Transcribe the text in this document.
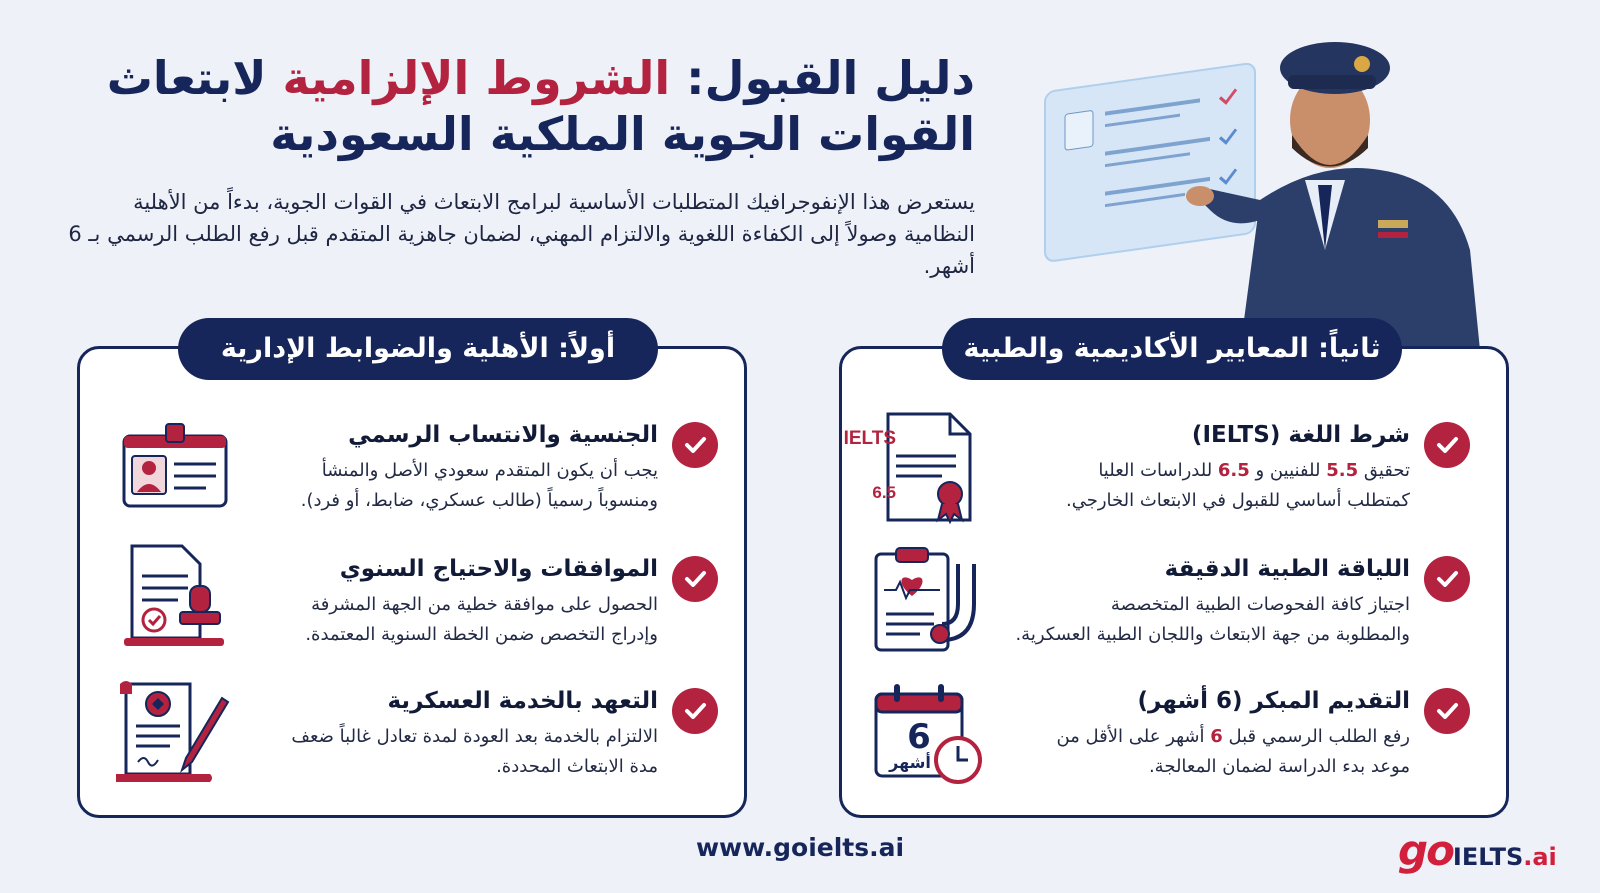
دليل القبول: الشروط الإلزامية لابتعاث
القوات الجوية الملكية السعودية
يستعرض هذا الإنفوجرافيك المتطلبات الأساسية لبرامج الابتعاث في القوات الجوية، بدءاً من الأهلية النظامية وصولاً إلى الكفاءة اللغوية والالتزام المهني، لضمان جاهزية المتقدم قبل رفع الطلب الرسمي بـ 6 أشهر.
ثانياً: المعايير الأكاديمية والطبية
شرط اللغة (IELTS)
تحقيق 5.5 للفنيين و 6.5 للدراسات العليا
كمتطلب أساسي للقبول في الابتعاث الخارجي.
IELTS
6.5
اللياقة الطبية الدقيقة
اجتياز كافة الفحوصات الطبية المتخصصة
والمطلوبة من جهة الابتعاث واللجان الطبية العسكرية.
التقديم المبكر (6 أشهر)
رفع الطلب الرسمي قبل 6 أشهر على الأقل من
موعد بدء الدراسة لضمان المعالجة.
6
أشهر
أولاً: الأهلية والضوابط الإدارية
الجنسية والانتساب الرسمي
يجب أن يكون المتقدم سعودي الأصل والمنشأ
ومنسوباً رسمياً (طالب عسكري، ضابط، أو فرد).
الموافقات والاحتياج السنوي
الحصول على موافقة خطية من الجهة المشرفة
وإدراج التخصص ضمن الخطة السنوية المعتمدة.
التعهد بالخدمة العسكرية
الالتزام بالخدمة بعد العودة لمدة تعادل غالباً ضعف
مدة الابتعاث المحددة.
www.goielts.ai	go IELTS .ai
